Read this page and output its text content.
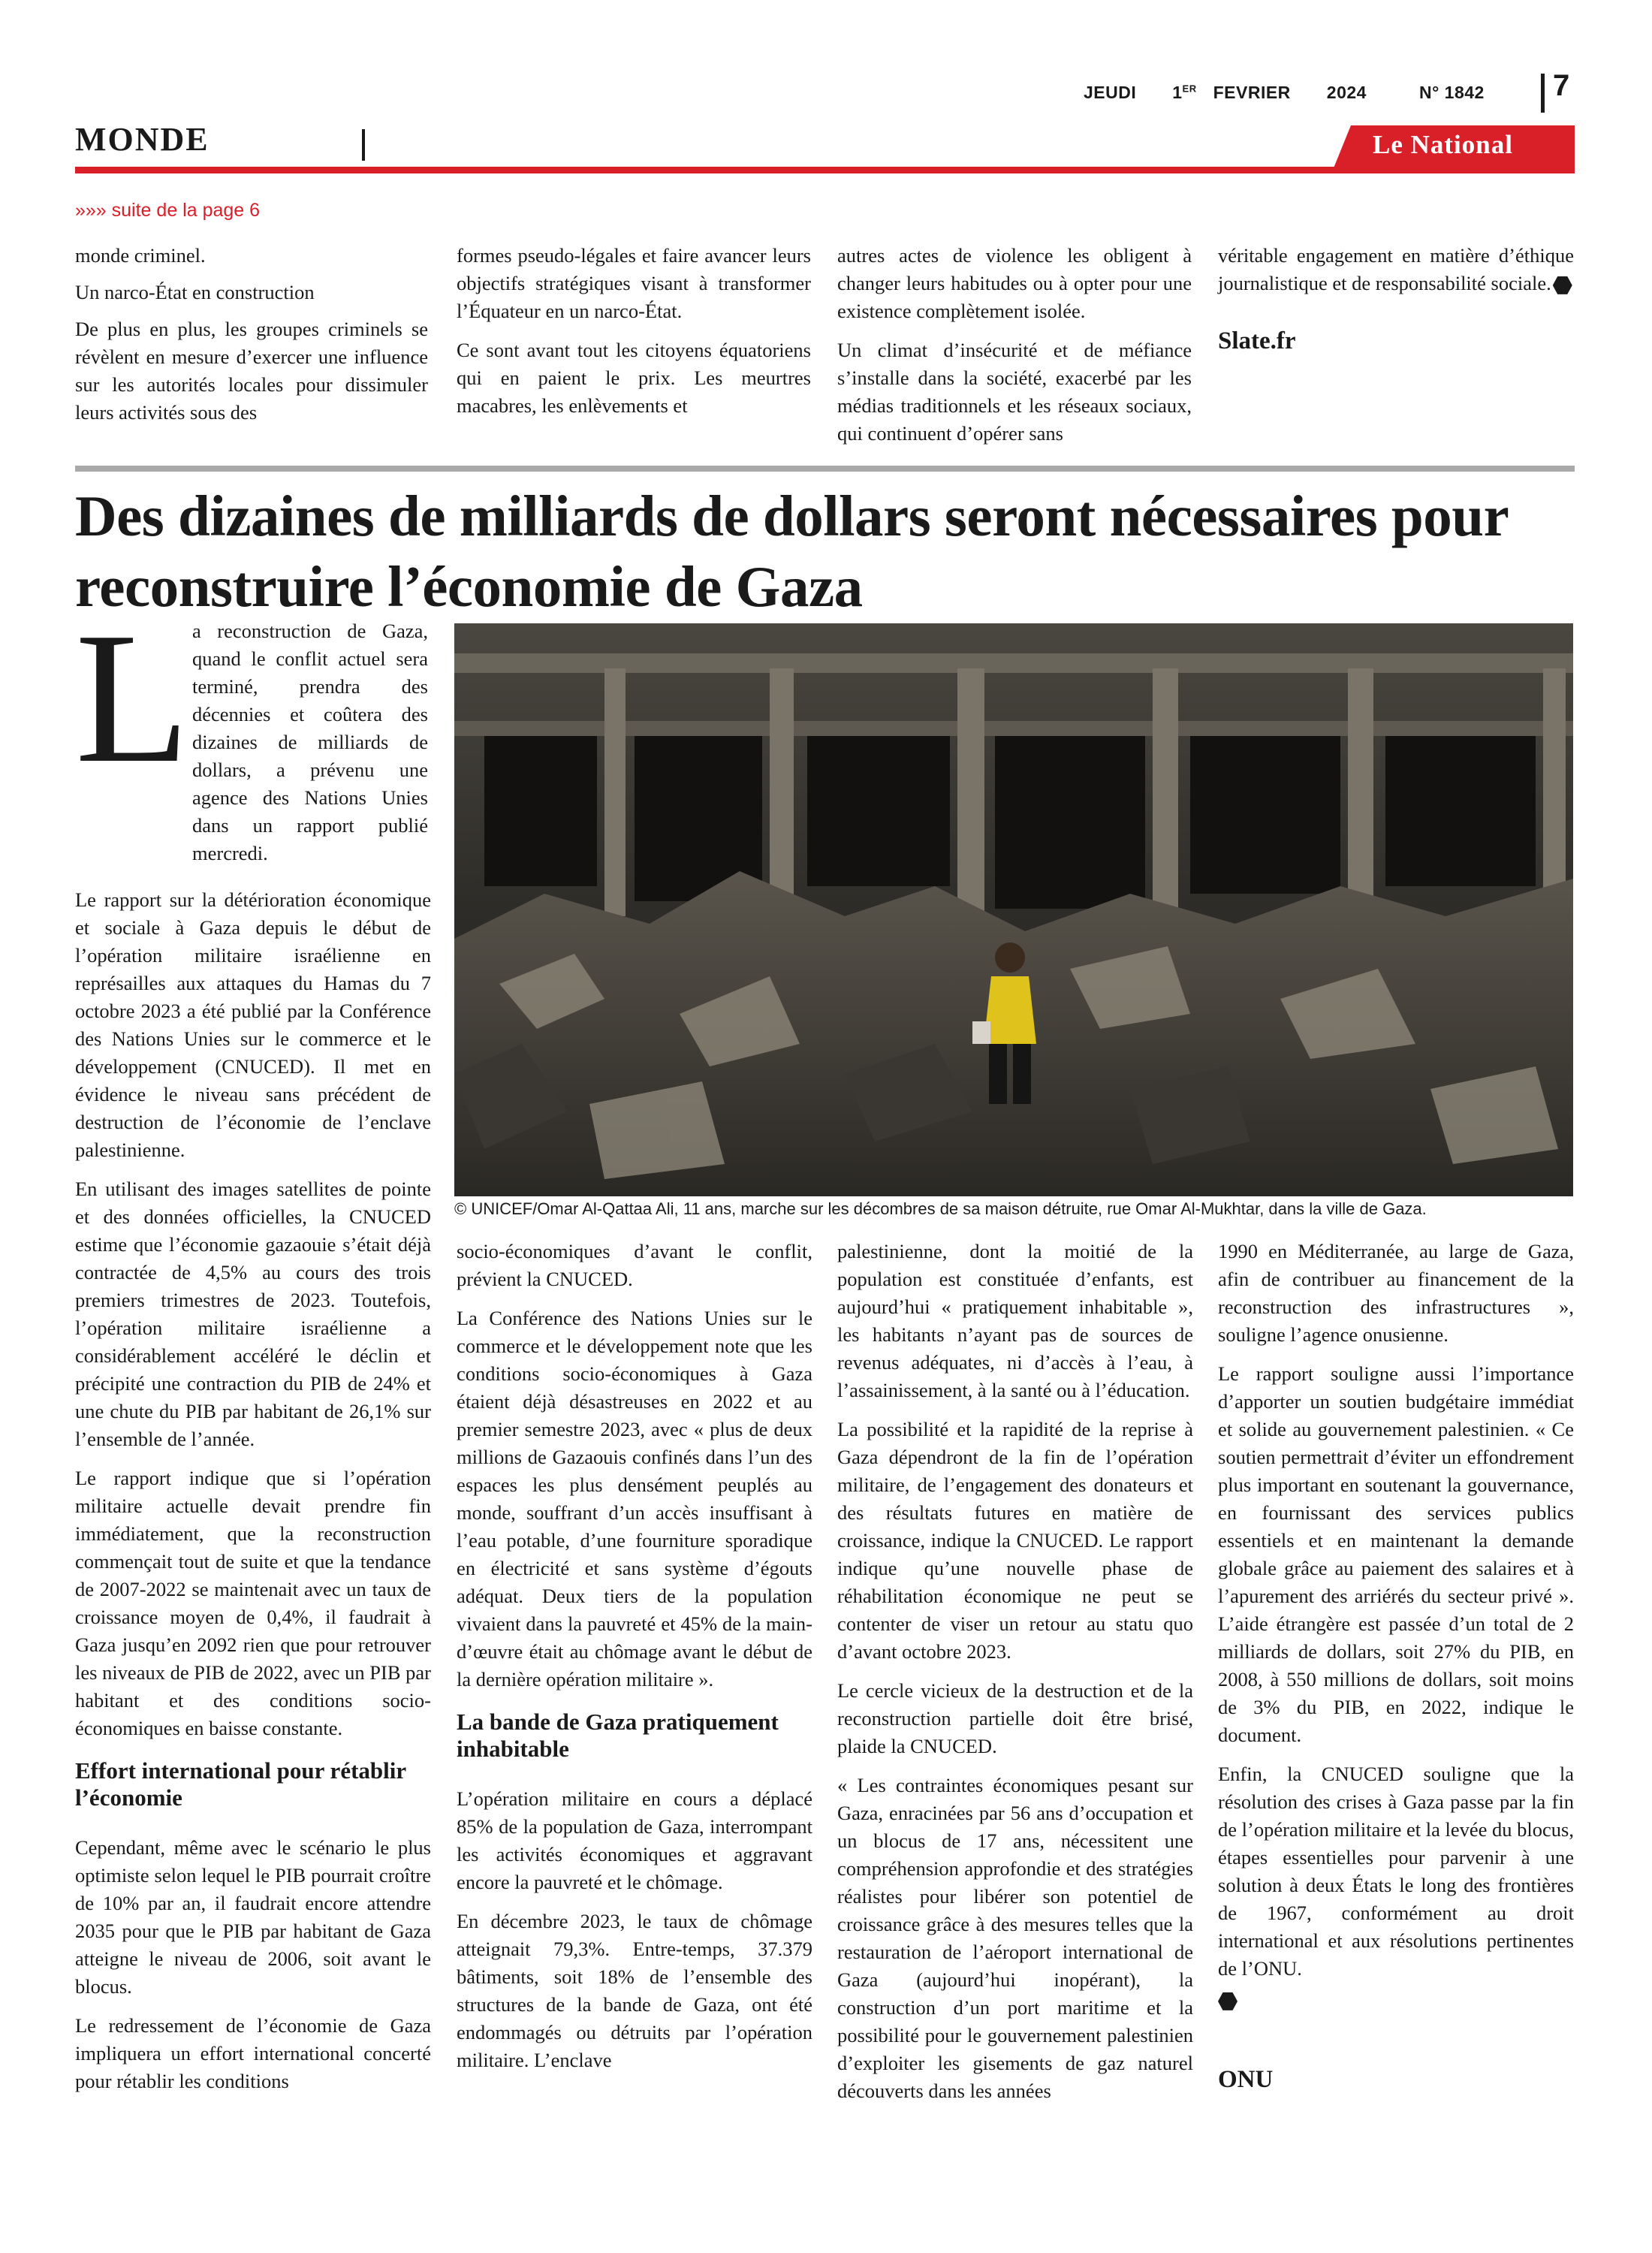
JEUDI 1ER FEVRIER 2024	N° 1842 7
MONDE	Le National
»»» suite de la page 6

monde criminel.

Un narco-État en construction

De plus en plus, les groupes criminels se révèlent en mesure d’exercer une influence sur les autorités locales pour dissimuler leurs activités sous des

formes pseudo-légales et faire avancer leurs objectifs stratégiques visant à transformer l’Équateur en un narco-État.

Ce sont avant tout les citoyens équatoriens qui en paient le prix. Les meurtres macabres, les enlèvements et

autres actes de violence les obligent à changer leurs habitudes ou à opter pour une existence complètement isolée.

Un climat d’insécurité et de méfiance s’installe dans la société, exacerbé par les médias traditionnels et les réseaux sociaux, qui continuent d’opérer sans

véritable engagement en matière d’éthique journalistique et de responsabilité sociale.

Slate.fr
Des dizaines de milliards de dollars seront nécessaires pour reconstruire l’économie de Gaza
L a reconstruction de Gaza, quand le conflit actuel sera terminé, prendra des décennies et coûtera des dizaines de milliards de dollars, a prévenu une agence des Nations Unies dans un rapport publié mercredi.

© UNICEF/Omar Al-Qattaa Ali, 11 ans, marche sur les décombres de sa maison détruite, rue Omar Al-Mukhtar, dans la ville de Gaza.

Le rapport sur la détérioration économique et sociale à Gaza depuis le début de l’opération militaire israélienne en représailles aux attaques du Hamas du 7 octobre 2023 a été publié par la Conférence des Nations Unies sur le commerce et le développement (CNUCED). Il met en évidence le niveau sans précédent de destruction de l’économie de l’enclave palestinienne.

En utilisant des images satellites de pointe et des données officielles, la CNUCED estime que l’économie gazaouie s’était déjà contractée de 4,5% au cours des trois premiers trimestres de 2023. Toutefois, l’opération militaire israélienne a considérablement accéléré le déclin et précipité une contraction du PIB de 24% et une chute du PIB par habitant de 26,1% sur l’ensemble de l’année.

Le rapport indique que si l’opération militaire actuelle devait prendre fin immédiatement, que la reconstruction commençait tout de suite et que la tendance de 2007-2022 se maintenait avec un taux de croissance moyen de 0,4%, il faudrait à Gaza jusqu’en 2092 rien que pour retrouver les niveaux de PIB de 2022, avec un PIB par habitant et des conditions socio-économiques en baisse constante.

Effort international pour rétablir l’économie

Cependant, même avec le scénario le plus optimiste selon lequel le PIB pourrait croître de 10% par an, il faudrait encore attendre 2035 pour que le PIB par habitant de Gaza atteigne le niveau de 2006, soit avant le blocus.

Le redressement de l’économie de Gaza impliquera un effort international concerté pour rétablir les conditions

socio-économiques d’avant le conflit, prévient la CNUCED.

La Conférence des Nations Unies sur le commerce et le développement note que les conditions socio-économiques à Gaza étaient déjà désastreuses en 2022 et au premier semestre 2023, avec « plus de deux millions de Gazaouis confinés dans l’un des espaces les plus densément peuplés au monde, souffrant d’un accès insuffisant à l’eau potable, d’une fourniture sporadique en électricité et sans système d’égouts adéquat. Deux tiers de la population vivaient dans la pauvreté et 45% de la main-d’œuvre était au chômage avant le début de la dernière opération militaire ».

La bande de Gaza pratiquement inhabitable

L’opération militaire en cours a déplacé 85% de la population de Gaza, interrompant les activités économiques et aggravant encore la pauvreté et le chômage.

En décembre 2023, le taux de chômage atteignait 79,3%. Entre-temps, 37.379 bâtiments, soit 18% de l’ensemble des structures de la bande de Gaza, ont été endommagés ou détruits par l’opération militaire. L’enclave

palestinienne, dont la moitié de la population est constituée d’enfants, est aujourd’hui « pratiquement inhabitable », les habitants n’ayant pas de sources de revenus adéquates, ni d’accès à l’eau, à l’assainissement, à la santé ou à l’éducation.

La possibilité et la rapidité de la reprise à Gaza dépendront de la fin de l’opération militaire, de l’engagement des donateurs et des résultats futures en matière de croissance, indique la CNUCED. Le rapport indique qu’une nouvelle phase de réhabilitation économique ne peut se contenter de viser un retour au statu quo d’avant octobre 2023.

Le cercle vicieux de la destruction et de la reconstruction partielle doit être brisé, plaide la CNUCED.

« Les contraintes économiques pesant sur Gaza, enracinées par 56 ans d’occupation et un blocus de 17 ans, nécessitent une compréhension approfondie et des stratégies réalistes pour libérer son potentiel de croissance grâce à des mesures telles que la restauration de l’aéroport international de Gaza (aujourd’hui inopérant), la construction d’un port maritime et la possibilité pour le gouvernement palestinien d’exploiter les gisements de gaz naturel découverts dans les années

1990 en Méditerranée, au large de Gaza, afin de contribuer au financement de la reconstruction des infrastructures », souligne l’agence onusienne.

Le rapport souligne aussi l’importance d’apporter un soutien budgétaire immédiat et solide au gouvernement palestinien. « Ce soutien permettrait d’éviter un effondrement plus important en soutenant la gouvernance, en fournissant des services publics essentiels et en maintenant la demande globale grâce au paiement des salaires et à l’apurement des arriérés du secteur privé ». L’aide étrangère est passée d’un total de 2 milliards de dollars, soit 27% du PIB, en 2008, à 550 millions de dollars, soit moins de 3% du PIB, en 2022, indique le document.

Enfin, la CNUCED souligne que la résolution des crises à Gaza passe par la fin de l’opération militaire et la levée du blocus, étapes essentielles pour parvenir à une solution à deux États le long des frontières de 1967, conformément au droit international et aux résolutions pertinentes de l’ONU.

ONU
